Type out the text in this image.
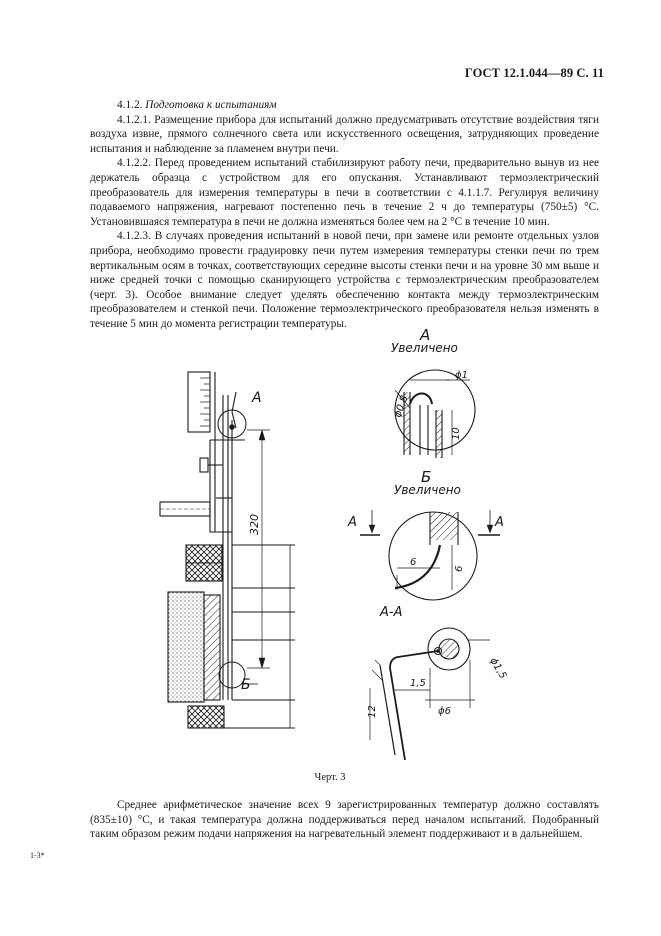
ГОСТ 12.1.044—89 С. 11

4.1.2. Подготовка к испытаниям

4.1.2.1. Размещение прибора для испытаний должно предусматривать отсутствие воздействия тяги воздуха извне, прямого солнечного света или искусственного освещения, затрудняющих проведение испытания и наблюдение за пламенем внутри печи.

4.1.2.2. Перед проведением испытаний стабилизируют работу печи, предварительно вынув из нее держатель образца с устройством для его опускания. Устанавливают термоэлектрический преобразователь для измерения температуры в печи в соответствии с 4.1.1.7. Регулируя величину подаваемого напряжения, нагревают постепенно печь в течение 2 ч до температуры (750±5) °С. Установившаяся температура в печи не должна изменяться более чем на 2 °С в течение 10 мин.

4.1.2.3. В случаях проведения испытаний в новой печи, при замене или ремонте отдельных узлов прибора, необходимо провести градуировку печи путем измерения температуры стенки печи по трем вертикальным осям в точках, соответствующих середине высоты стенки печи и на уровне 30 мм выше и ниже средней точки с помощью сканирующего устройства с термоэлектрическим преобразователем (черт. 3). Особое внимание следует уделять обеспечению контакта между термоэлектрическим преобразователем и стенкой печи. Положение термоэлектрического преобразователя нельзя изменять в течение 5 мин до момента регистрации температуры.

А
Б
320
А
Увеличено
ϕ1
ϕ0,8
10
Б
Увеличено
А	А
6
6
А-А
ϕ1,5
1,5
ϕ6
12
Черт. 3

Среднее арифметическое значение всех 9 зарегистрированных температур должно составлять (835±10) °С, и такая температура должна поддерживаться перед началом испытаний. Подобранный таким образом режим подачи напряжения на нагревательный элемент поддерживают и в дальнейшем.

1-3*
